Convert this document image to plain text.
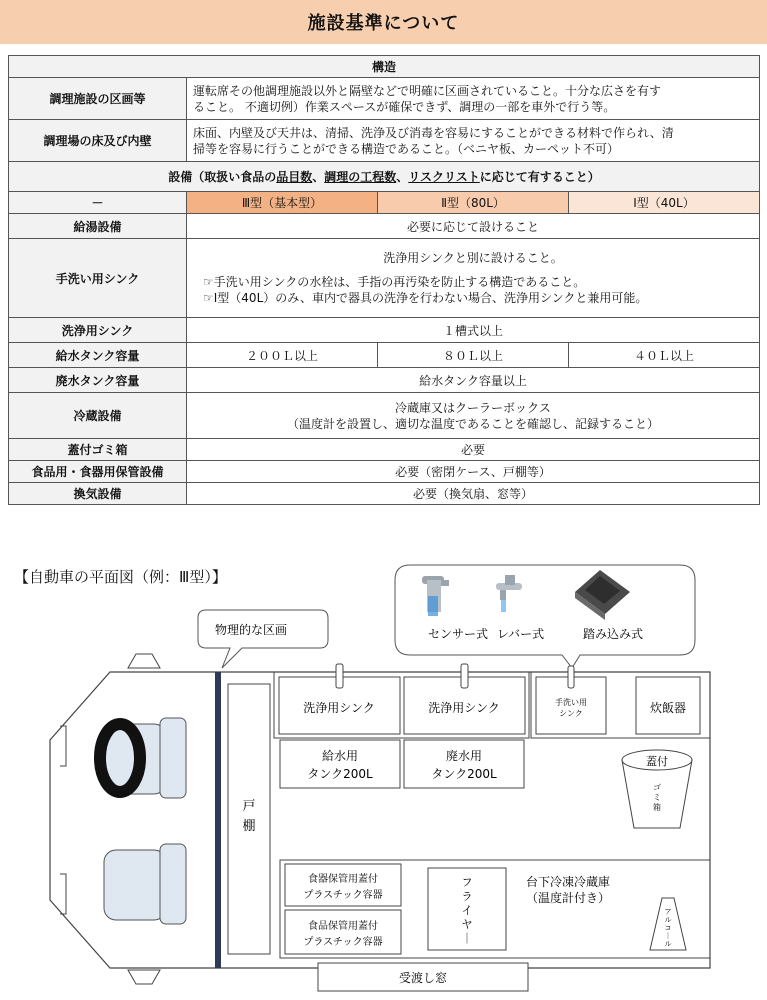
施設基準について
構造			
調理施設の区画等	運転席その他調理施設以外と隔壁などで明確に区画されていること。十分な広さを有す
ること。 不適切例）作業スペースが確保できず、調理の一部を車外で行う等。		
調理場の床及び内壁	床面、内壁及び天井は、清掃、洗浄及び消毒を容易にすることができる材料で作られ、清
掃等を容易に行うことができる構造であること。（ベニヤ板、カーペット不可）		
設備（取扱い食品の品目数、調理の工程数、リスクリストに応じて有すること）			
－	Ⅲ型（基本型）	Ⅱ型（80L）	Ⅰ型（40L）
給湯設備	必要に応じて設けること		
手洗い用シンク	洗浄用シンクと別に設けること。
☞手洗い用シンクの水栓は、手指の再汚染を防止する構造であること。
☞Ⅰ型（40L）のみ、車内で器具の洗浄を行わない場合、洗浄用シンクと兼用可能。		

洗浄用シンク	１槽式以上		
給水タンク容量	２００Ｌ以上	８０Ｌ以上	４０Ｌ以上
廃水タンク容量	給水タンク容量以上		
冷蔵設備	冷蔵庫又はクーラーボックス
（温度計を設置し、適切な温度であることを確認し、記録すること）		
蓋付ゴミ箱	必要		
食品用・食器用保管設備	必要（密閉ケース、戸棚等）		
換気設備	必要（換気扇、窓等）		
【自動車の平面図（例：Ⅲ型）】
センサー式 レバー式	踏み込み式
物理的な区画
戸
棚
洗浄用シンク	洗浄用シンク	手洗い用
シンク	炊飯器
給水用
タンク200L
廃水用
タンク200L
蓋付
ゴ
ミ
箱
食器保管用蓋付
プラスチック容器
食品保管用蓋付
プラスチック容器
フ
ラ
イ
ヤ
｜
台下冷凍冷蔵庫
（温度計付き）
ア
ル
コ
｜
ル
受渡し窓
